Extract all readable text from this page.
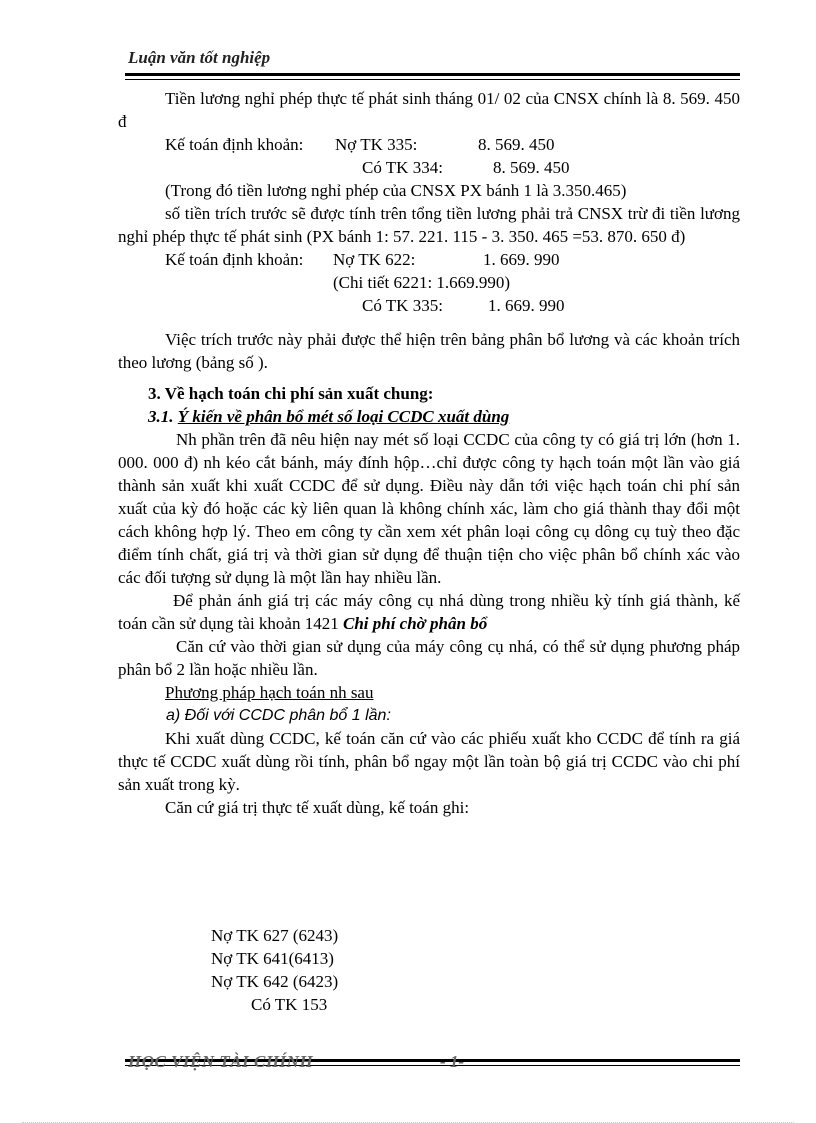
Luận văn tốt nghiệp

Tiền lương nghỉ phép thực tế phát sinh tháng 01/ 02 của CNSX chính là 8. 569. 450 đ

Kế toán định khoản: Nợ TK 335:	8. 569. 450
Có TK 334:	8. 569. 450

(Trong đó tiền lương nghỉ phép của CNSX PX bánh 1 là 3.350.465)

số tiền trích trước sẽ được tính trên tổng tiền lương phải trả CNSX trừ đi tiền lương nghỉ phép thực tế phát sinh (PX bánh 1: 57. 221. 115 - 3. 350. 465 =53. 870. 650 đ)

Kế toán định khoản: Nợ TK 622:	1. 669. 990
(Chi tiết 6221: 1.669.990)
Có TK 335:	1. 669. 990

Việc trích trước này phải được thể hiện trên bảng phân bổ lương và các khoản trích theo lương (bảng số ).

3. Về hạch toán chi phí sản xuất chung:

3.1. Ý kiến về phân bổ mét số loại CCDC xuất dùng

Nh phần trên đã nêu hiện nay mét số loại CCDC của công ty có giá trị lớn (hơn 1. 000. 000 đ) nh kéo cắt bánh, máy đính hộp…chỉ được công ty hạch toán một lần vào giá thành sản xuất khi xuất CCDC để sử dụng. Điều này dẫn tới việc hạch toán chi phí sản xuất của kỳ đó hoặc các kỳ liên quan là không chính xác, làm cho giá thành thay đổi một cách không hợp lý. Theo em công ty cần xem xét phân loại công cụ dông cụ tuỳ theo đặc điểm tính chất, giá trị và thời gian sử dụng để thuận tiện cho việc phân bổ chính xác vào các đối tượng sử dụng là một lần hay nhiều lần.

Để phản ánh giá trị các máy công cụ nhá dùng trong nhiều kỳ tính giá thành, kế toán cần sử dụng tài khoản 1421 Chi phí chờ phân bổ

Căn cứ vào thời gian sử dụng của máy công cụ nhá, có thể sử dụng phương pháp phân bổ 2 lần hoặc nhiều lần.

Phương pháp hạch toán nh sau

a) Đối với CCDC phân bổ 1 lần:

Khi xuất dùng CCDC, kế toán căn cứ vào các phiếu xuất kho CCDC để tính ra giá thực tế CCDC xuất dùng rồi tính, phân bổ ngay một lần toàn bộ giá trị CCDC vào chi phí sản xuất trong kỳ.

Căn cứ giá trị thực tế xuất dùng, kế toán ghi:

Nợ TK 627 (6243)
Nợ TK 641(6413)
Nợ TK 642 (6423)
Có TK 153
HỌC VIỆN TÀI CHÍNH	- 1-
